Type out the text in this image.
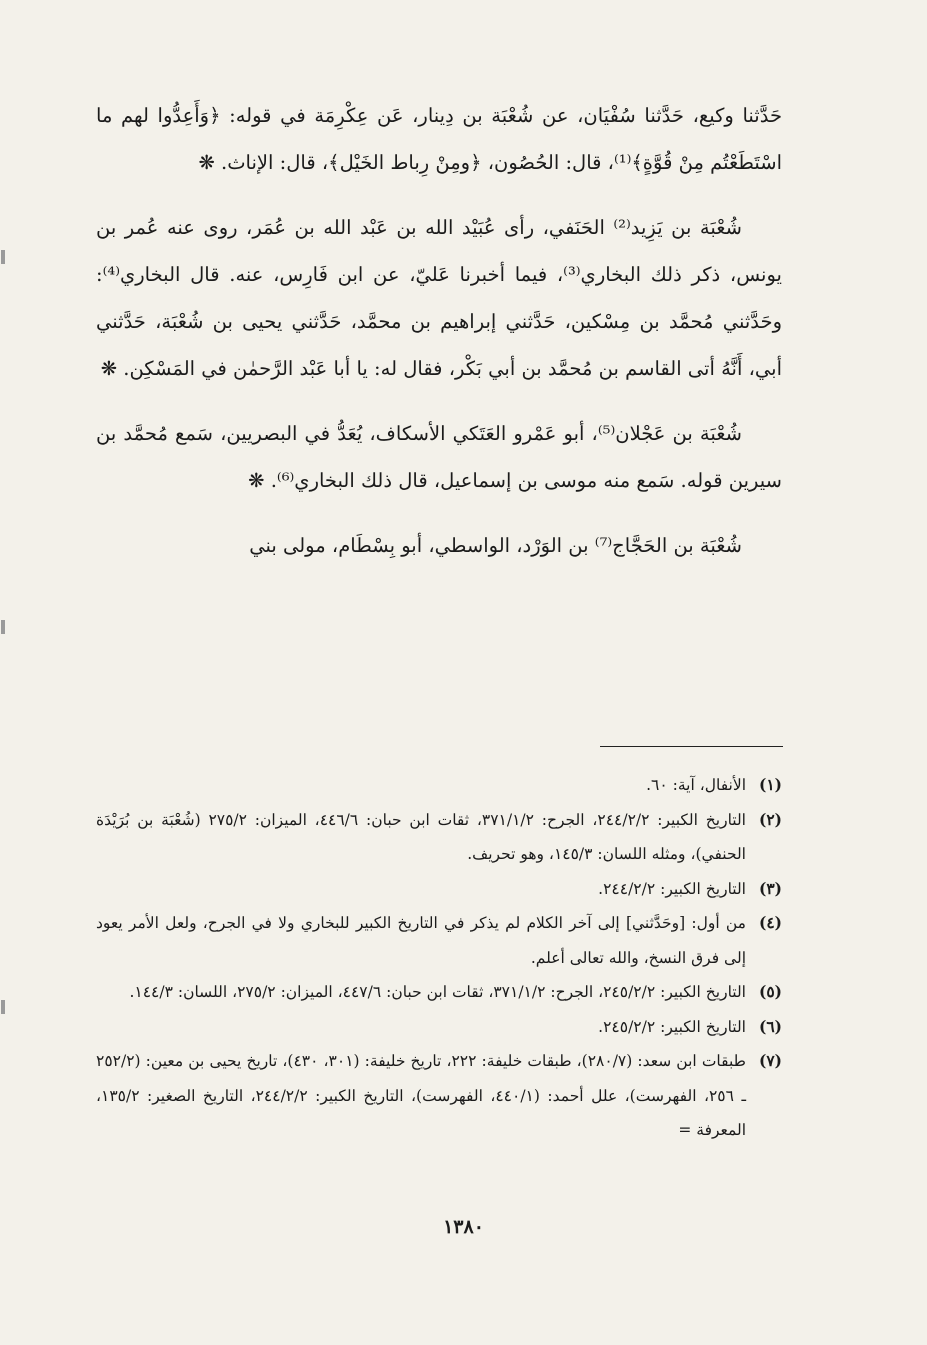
حَدَّثنا وكيع، حَدَّثنا سُفْيَان، عن شُعْبَة بن دِينار، عَن عِكْرِمَة في قوله: ﴿وَأَعِدُّوا لهم ما اسْتَطَعْتُم مِنْ قُوَّةٍ﴾⁽¹⁾، قال: الحُصُون، ﴿ومِنْ رِباط الخَيْل﴾، قال: الإناث. ❋

شُعْبَة بن يَزِيد⁽²⁾ الحَنَفي، رأى عُبَيْد الله بن عَبْد الله بن عُمَر، روى عنه عُمر بن يونس، ذكر ذلك البخاري⁽³⁾، فيما أخبرنا عَليّ، عن ابن فَارِس، عنه. قال البخاري⁽⁴⁾: وحَدَّثني مُحمَّد بن مِسْكين، حَدَّثني إبراهيم بن محمَّد، حَدَّثني يحيى بن شُعْبَة، حَدَّثني أبي، أَنَّهُ أتى القاسم بن مُحمَّد بن أبي بَكْر، فقال له: يا أبا عَبْد الرَّحمٰن في المَسْكِن. ❋

شُعْبَة بن عَجْلان⁽⁵⁾، أبو عَمْرو العَتَكي الأسكاف، يُعَدُّ في البصريين، سَمع مُحمَّد بن سيرين قوله. سَمع منه موسى بن إسماعيل، قال ذلك البخاري⁽⁶⁾. ❋

شُعْبَة بن الحَجَّاج⁽⁷⁾ بن الوَرْد، الواسطي، أبو بِسْطَام، مولى بني

(١)
الأنفال، آية: ٦٠.
(٢)
التاريخ الكبير: ٢٤٤/٢/٢، الجرح: ٣٧١/١/٢، ثقات ابن حبان: ٤٤٦/٦، الميزان: ٢٧٥/٢ (شُعْبَة بن بُرَيْدَة الحنفي)، ومثله اللسان: ١٤٥/٣، وهو تحريف.
(٣)
التاريخ الكبير: ٢٤٤/٢/٢.
(٤)
من أول: [وحَدَّثني] إلى آخر الكلام لم يذكر في التاريخ الكبير للبخاري ولا في الجرح، ولعل الأمر يعود إلى فرق النسخ، والله تعالى أعلم.
(٥)
التاريخ الكبير: ٢٤٥/٢/٢، الجرح: ٣٧١/١/٢، ثقات ابن حبان: ٤٤٧/٦، الميزان: ٢٧٥/٢، اللسان: ١٤٤/٣.
(٦)
التاريخ الكبير: ٢٤٥/٢/٢.
(٧)
طبقات ابن سعد: (٢٨٠/٧)، طبقات خليفة: ٢٢٢، تاريخ خليفة: (٣٠١، ٤٣٠)، تاريخ يحيى بن معين: (٢٥٢/٢ ـ ٢٥٦، الفهرست)، علل أحمد: (٤٤٠/١، الفهرست)، التاريخ الكبير: ٢٤٤/٢/٢، التاريخ الصغير: ١٣٥/٢، المعرفة =
١٣٨٠
